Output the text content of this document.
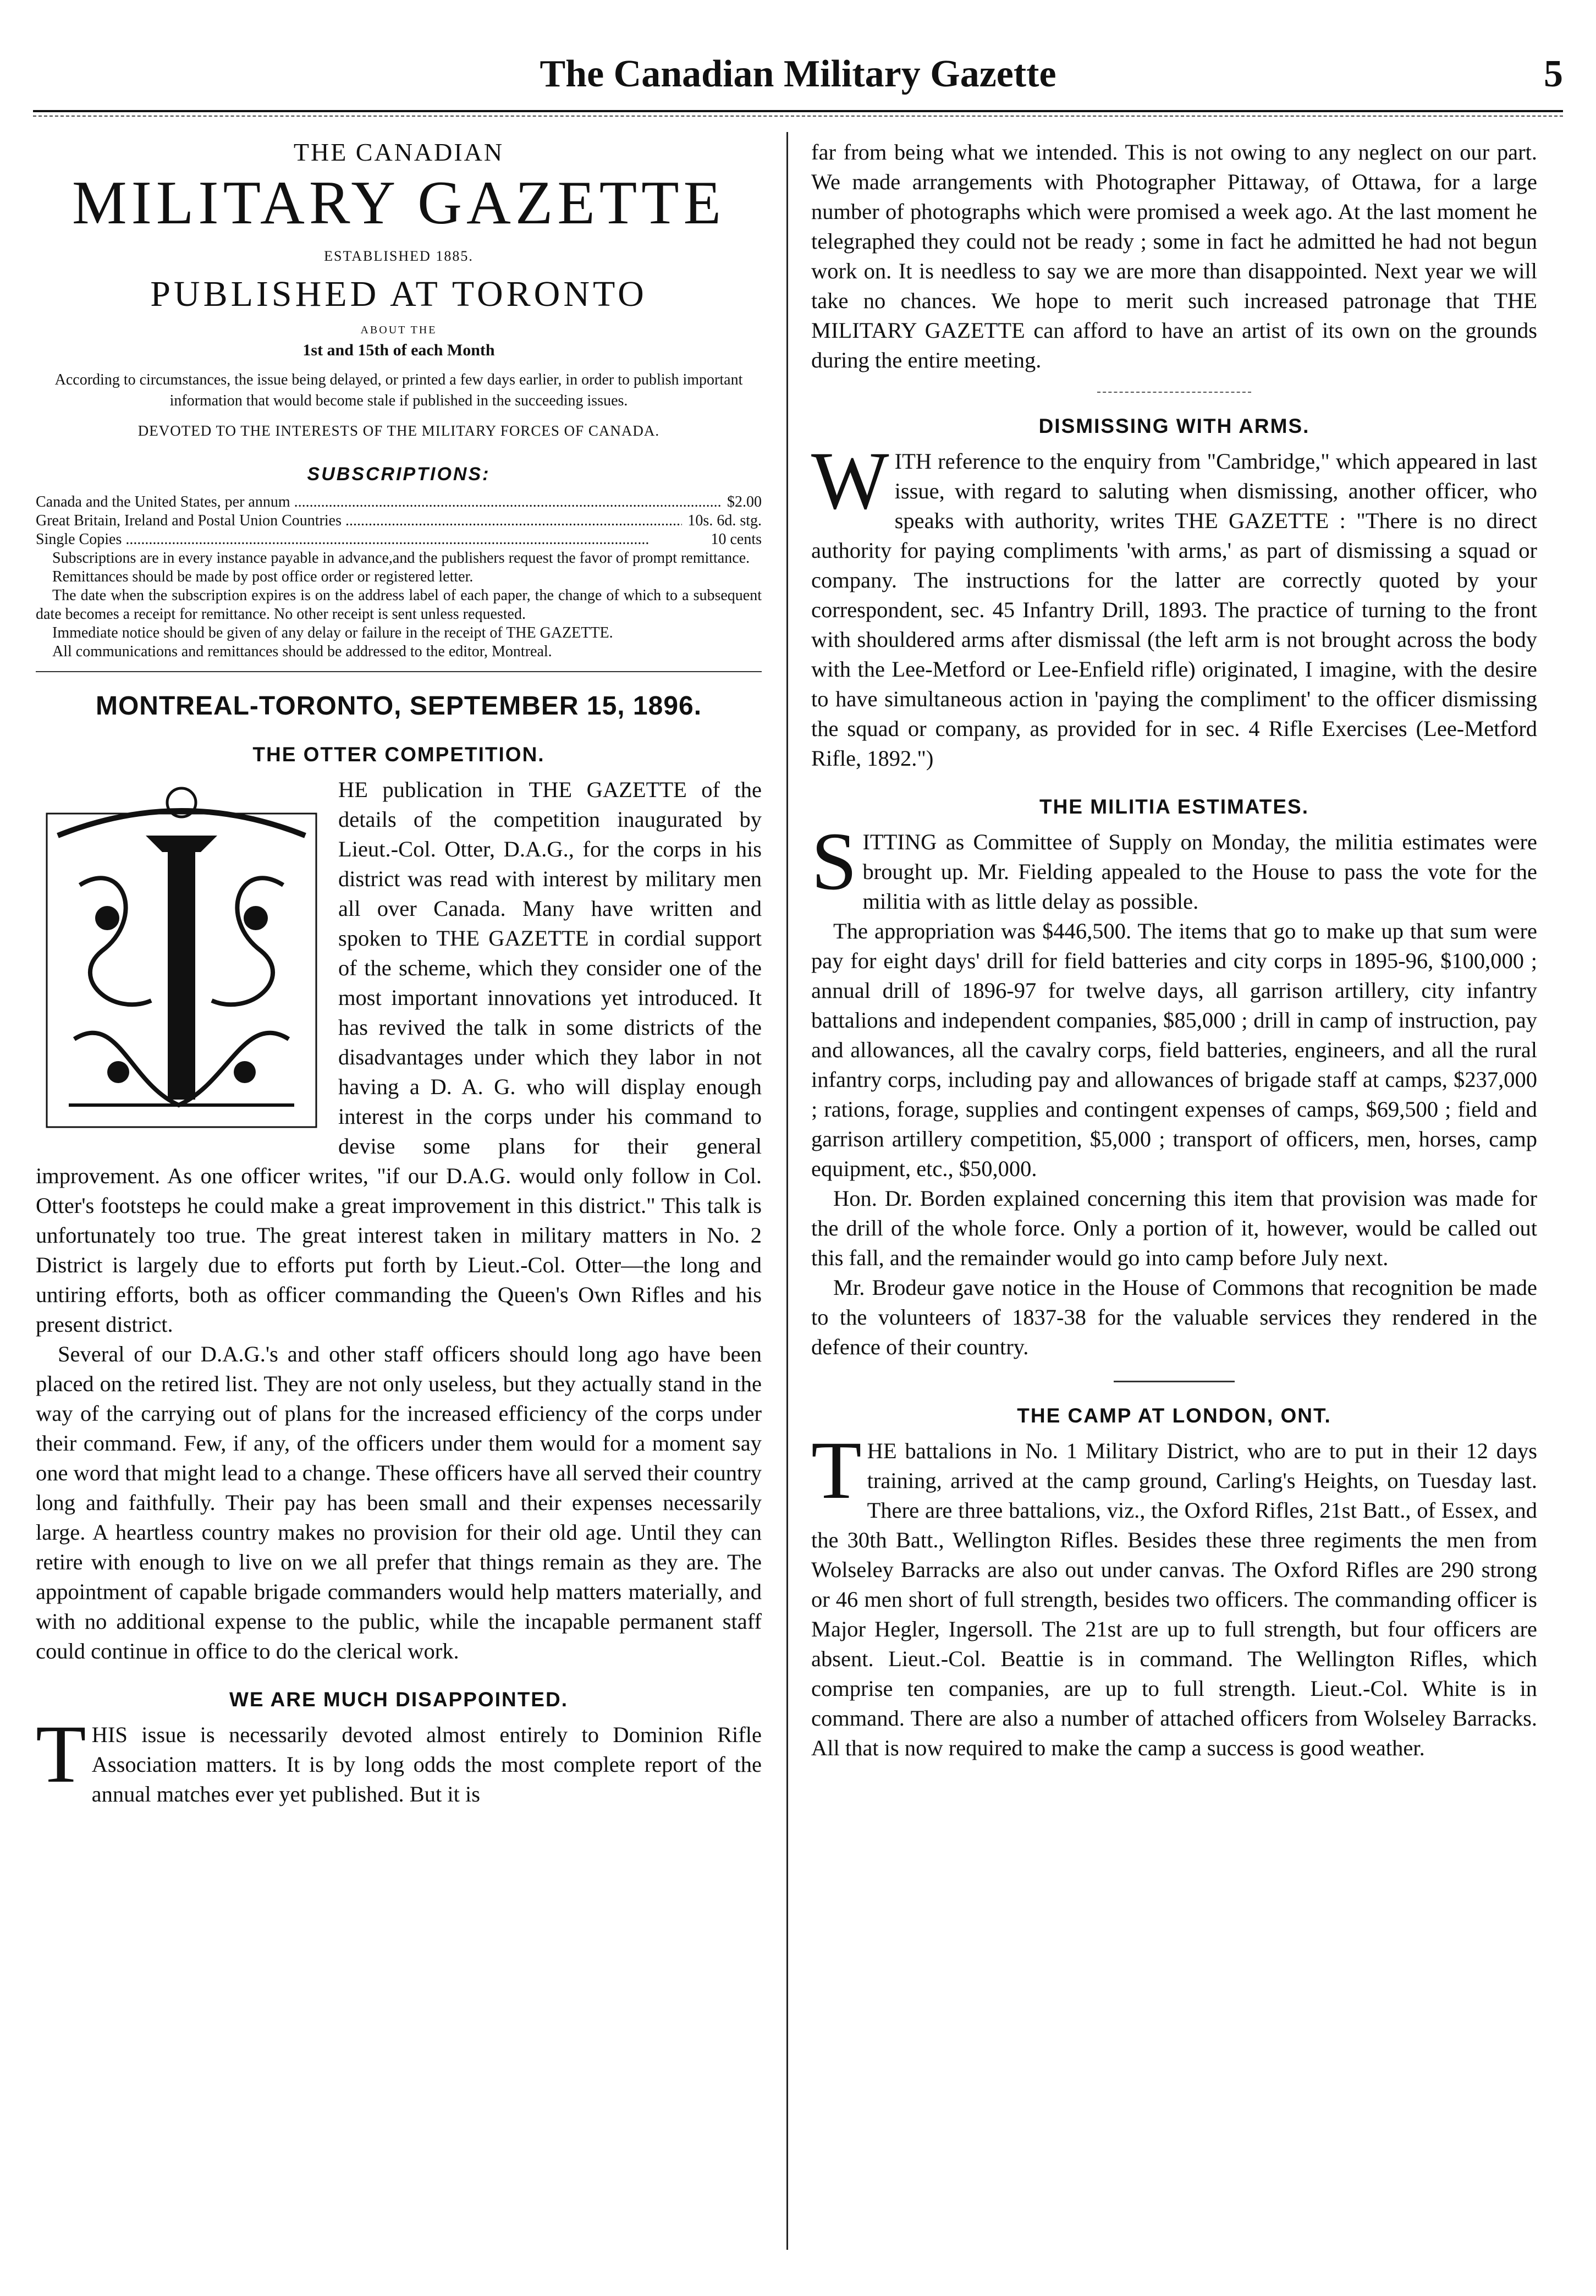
The Canadian Military Gazette	5

THE CANADIAN

MILITARY GAZETTE

ESTABLISHED 1885.

PUBLISHED AT TORONTO

ABOUT THE

1st and 15th of each Month

According to circumstances, the issue being delayed, or printed a few days earlier, in order to publish important information that would become stale if published in the succeeding issues.

DEVOTED TO THE INTERESTS OF THE MILITARY FORCES OF CANADA.

SUBSCRIPTIONS:

Canada and the United States, per annum .....	$2.00
Great Britain, Ireland and Postal Union Countries .....	10s. 6d. stg.
Single Copies .....	10 cents

Subscriptions are in every instance payable in advance,and the publishers request the favor of prompt remittance.

Remittances should be made by post office order or registered letter.

The date when the subscription expires is on the address label of each paper, the change of which to a subsequent date becomes a receipt for remittance. No other receipt is sent unless requested.

Immediate notice should be given of any delay or failure in the receipt of THE GAZETTE.

All communications and remittances should be addressed to the editor, Montreal.

MONTREAL-TORONTO, SEPTEMBER 15, 1896.

THE OTTER COMPETITION.

HE publication in THE GAZETTE of the details of the competition inaugurated by Lieut.-Col. Otter, D.A.G., for the corps in his district was read with interest by military men all over Canada. Many have written and spoken to THE GAZETTE in cordial support of the scheme, which they consider one of the most important innovations yet introduced. It has revived the talk in some districts of the disadvantages under which they labor in not having a D. A. G. who will display enough interest in the corps under his command to devise some plans for their general improvement. As one officer writes, "if our D.A.G. would only follow in Col. Otter's footsteps he could make a great improvement in this district." This talk is unfortunately too true. The great interest taken in military matters in No. 2 District is largely due to efforts put forth by Lieut.-Col. Otter—the long and untiring efforts, both as officer commanding the Queen's Own Rifles and his present district.

Several of our D.A.G.'s and other staff officers should long ago have been placed on the retired list. They are not only useless, but they actually stand in the way of the carrying out of plans for the increased efficiency of the corps under their command. Few, if any, of the officers under them would for a moment say one word that might lead to a change. These officers have all served their country long and faithfully. Their pay has been small and their expenses necessarily large. A heartless country makes no provision for their old age. Until they can retire with enough to live on we all prefer that things remain as they are. The appointment of capable brigade commanders would help matters materially, and with no additional expense to the public, while the incapable permanent staff could continue in office to do the clerical work.

WE ARE MUCH DISAPPOINTED.
T HIS issue is necessarily devoted almost entirely to Dominion Rifle Association matters. It is by long odds the most complete report of the annual matches ever yet published. But it is

far from being what we intended. This is not owing to any neglect on our part. We made arrangements with Photographer Pittaway, of Ottawa, for a large number of photographs which were promised a week ago. At the last moment he telegraphed they could not be ready ; some in fact he admitted he had not begun work on. It is needless to say we are more than disappointed. Next year we will take no chances. We hope to merit such increased patronage that THE MILITARY GAZETTE can afford to have an artist of its own on the grounds during the entire meeting.

DISMISSING WITH ARMS.
W ITH reference to the enquiry from "Cambridge," which appeared in last issue, with regard to saluting when dismissing, another officer, who speaks with authority, writes THE GAZETTE : "There is no direct authority for paying compliments 'with arms,' as part of dismissing a squad or company. The instructions for the latter are correctly quoted by your correspondent, sec. 45 Infantry Drill, 1893. The practice of turning to the front with shouldered arms after dismissal (the left arm is not brought across the body with the Lee-Metford or Lee-Enfield rifle) originated, I imagine, with the desire to have simultaneous action in 'paying the compliment' to the officer dismissing the squad or company, as provided for in sec. 4 Rifle Exercises (Lee-Metford Rifle, 1892.")

THE MILITIA ESTIMATES.
S ITTING as Committee of Supply on Monday, the militia estimates were brought up. Mr. Fielding appealed to the House to pass the vote for the militia with as little delay as possible.

The appropriation was $446,500. The items that go to make up that sum were pay for eight days' drill for field batteries and city corps in 1895-96, $100,000 ; annual drill of 1896-97 for twelve days, all garrison artillery, city infantry battalions and independent companies, $85,000 ; drill in camp of instruction, pay and allowances, all the cavalry corps, field batteries, engineers, and all the rural infantry corps, including pay and allowances of brigade staff at camps, $237,000 ; rations, forage, supplies and contingent expenses of camps, $69,500 ; field and garrison artillery competition, $5,000 ; transport of officers, men, horses, camp equipment, etc., $50,000.

Hon. Dr. Borden explained concerning this item that provision was made for the drill of the whole force. Only a portion of it, however, would be called out this fall, and the remainder would go into camp before July next.

Mr. Brodeur gave notice in the House of Commons that recognition be made to the volunteers of 1837-38 for the valuable services they rendered in the defence of their country.

THE CAMP AT LONDON, ONT.
T HE battalions in No. 1 Military District, who are to put in their 12 days training, arrived at the camp ground, Carling's Heights, on Tuesday last. There are three battalions, viz., the Oxford Rifles, 21st Batt., of Essex, and the 30th Batt., Wellington Rifles. Besides these three regiments the men from Wolseley Barracks are also out under canvas. The Oxford Rifles are 290 strong or 46 men short of full strength, besides two officers. The commanding officer is Major Hegler, Ingersoll. The 21st are up to full strength, but four officers are absent. Lieut.-Col. Beattie is in command. The Wellington Rifles, which comprise ten companies, are up to full strength. Lieut.-Col. White is in command. There are also a number of attached officers from Wolseley Barracks. All that is now required to make the camp a success is good weather.
